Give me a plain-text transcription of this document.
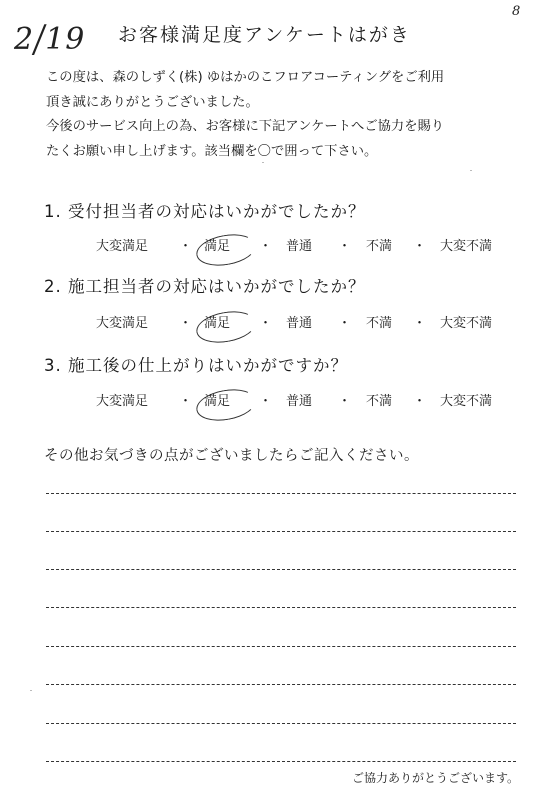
2/19
8
お客様満足度アンケートはがき
この度は、森のしずく(株) ゆはかのこフロアコーティングをご利用
頂き誠にありがとうございました。
今後のサービス向上の為、お客様に下記アンケートへご協力を賜り
たくお願い申し上げます。該当欄を〇で囲って下さい。
1. 受付担当者の対応はいかがでしたか？
大変満足 ・ 満足 ・ 普通 ・ 不満 ・ 大変不満
2. 施工担当者の対応はいかがでしたか？
大変満足 ・ 満足 ・ 普通 ・ 不満 ・ 大変不満
3. 施工後の仕上がりはいかがですか？
大変満足 ・ 満足 ・ 普通 ・ 不満 ・ 大変不満
その他お気づきの点がございましたらご記入ください。
ご協力ありがとうございます。
